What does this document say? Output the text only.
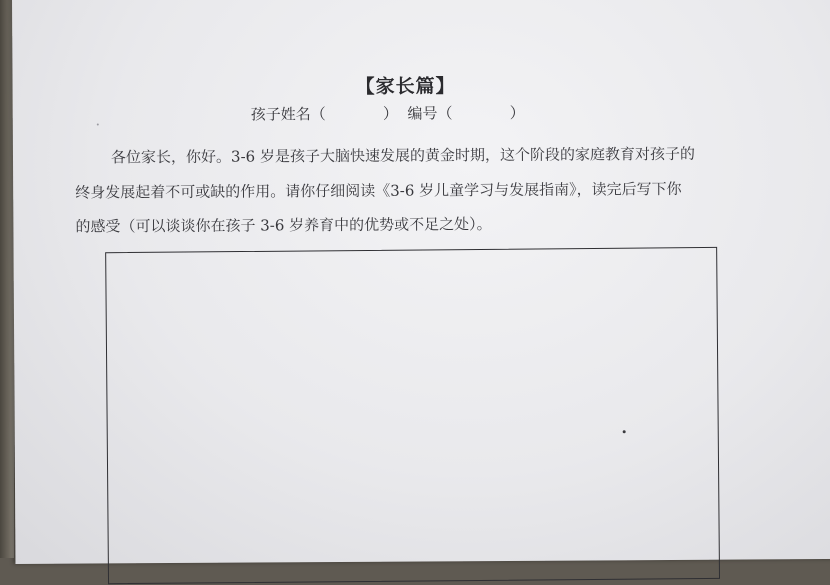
【家长篇】
孩子姓名（            ）  编号（            ）
各位家长，你好。3-6 岁是孩子大脑快速发展的黄金时期，这个阶段的家庭教育对孩子的
终身发展起着不可或缺的作用。请你仔细阅读《3-6 岁儿童学习与发展指南》，读完后写下你
的感受（可以谈谈你在孩子 3-6 岁养育中的优势或不足之处）。
